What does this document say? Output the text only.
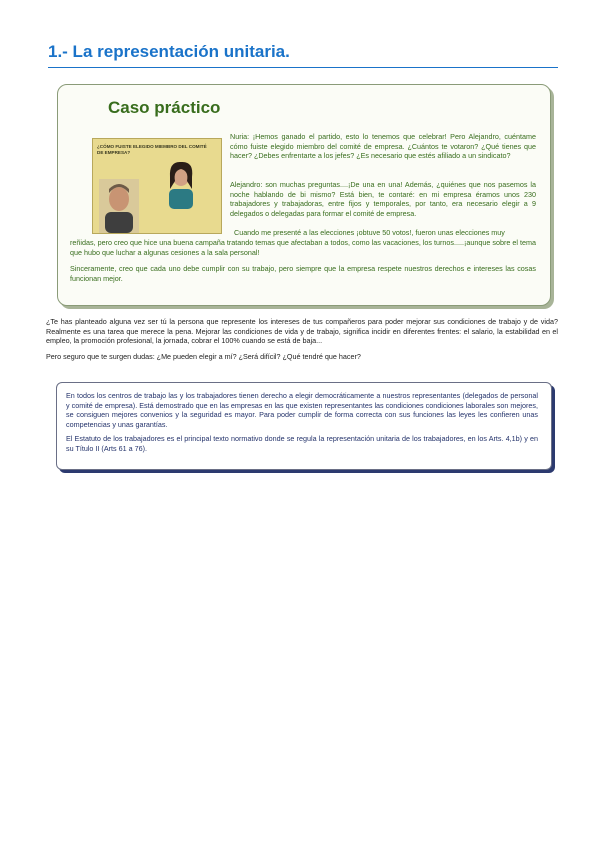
1.- La representación unitaria.
Caso práctico
¿CÓMO FUISTE ELEGIDO MIEMBRO DEL COMITÉ DE EMPRESA?

Nuria: ¡Hemos ganado el partido, esto lo tenemos que celebrar! Pero Alejandro, cuéntame cómo fuiste elegido miembro del comité de empresa. ¿Cuántos te votaron? ¿Qué tienes que hacer? ¿Debes enfrentarte a los jefes? ¿Es necesario que estés afiliado a un sindicato?

Alejandro: son muchas preguntas....¡De una en una! Además, ¿quiénes que nos pasemos la noche hablando de bi mismo? Está bien, te contaré: en mi empresa éramos unos 230 trabajadores y trabajadoras, entre fijos y temporales, por tanto, era necesario elegir a 9 delegados o delegadas para formar el comité de empresa.

Cuando me presenté a las elecciones ¡obtuve 50 votos!, fueron unas elecciones muy

reñidas, pero creo que hice una buena campaña tratando temas que afectaban a todos, como las vacaciones, los turnos.....¡aunque sobre el tema que hubo que luchar a algunas cesiones a la sala personal!

Sinceramente, creo que cada uno debe cumplir con su trabajo, pero siempre que la empresa respete nuestros derechos e intereses las cosas funcionan mejor.

¿Te has planteado alguna vez ser tú la persona que represente los intereses de tus compañeros para poder mejorar sus condiciones de trabajo y de vida? Realmente es una tarea que merece la pena. Mejorar las condiciones de vida y de trabajo, significa incidir en diferentes frentes: el salario, la estabilidad en el empleo, la promoción profesional, la jornada, cobrar el 100% cuando se está de baja...

Pero seguro que te surgen dudas: ¿Me pueden elegir a mí? ¿Será difícil? ¿Qué tendré que hacer?

En todos los centros de trabajo las y los trabajadores tienen derecho a elegir democráticamente a nuestros representantes (delegados de personal y comité de empresa). Está demostrado que en las empresas en las que existen representantes las condiciones condiciones laborales son mejores, se consiguen mejores convenios y la seguridad es mayor. Para poder cumplir de forma correcta con sus funciones las leyes les confieren unas competencias y unas garantías.

El Estatuto de los trabajadores es el principal texto normativo donde se regula la representación unitaria de los trabajadores, en los Arts. 4,1b) y en su Título II (Arts 61 a 76).
